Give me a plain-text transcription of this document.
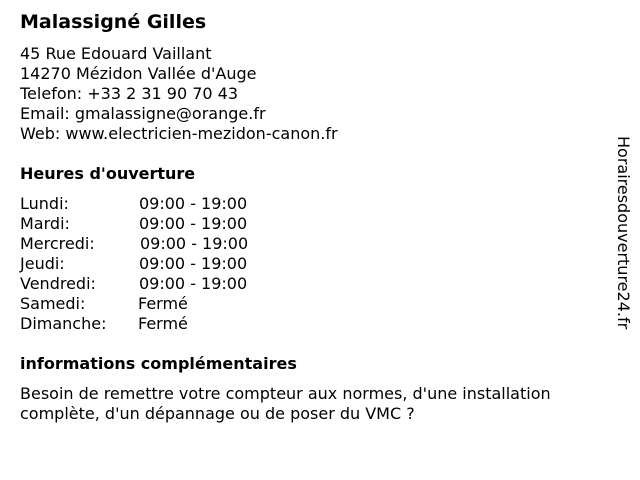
Malassigné Gilles
45 Rue Edouard Vaillant
14270 Mézidon Vallée d'Auge
Telefon: +33 2 31 90 70 43
Email: gmalassigne@orange.fr
Web: www.electricien-mezidon-canon.fr
Heures d'ouverture
Lundi:	09:00 - 19:00
Mardi:	09:00 - 19:00
Mercredi:	09:00 - 19:00
Jeudi:	09:00 - 19:00
Vendredi:	09:00 - 19:00
Samedi:	Fermé
Dimanche: Fermé
informations complémentaires
Besoin de remettre votre compteur aux normes, d'une installation
complète, d'un dépannage ou de poser du VMC ?
Horairesdouverture24.fr
